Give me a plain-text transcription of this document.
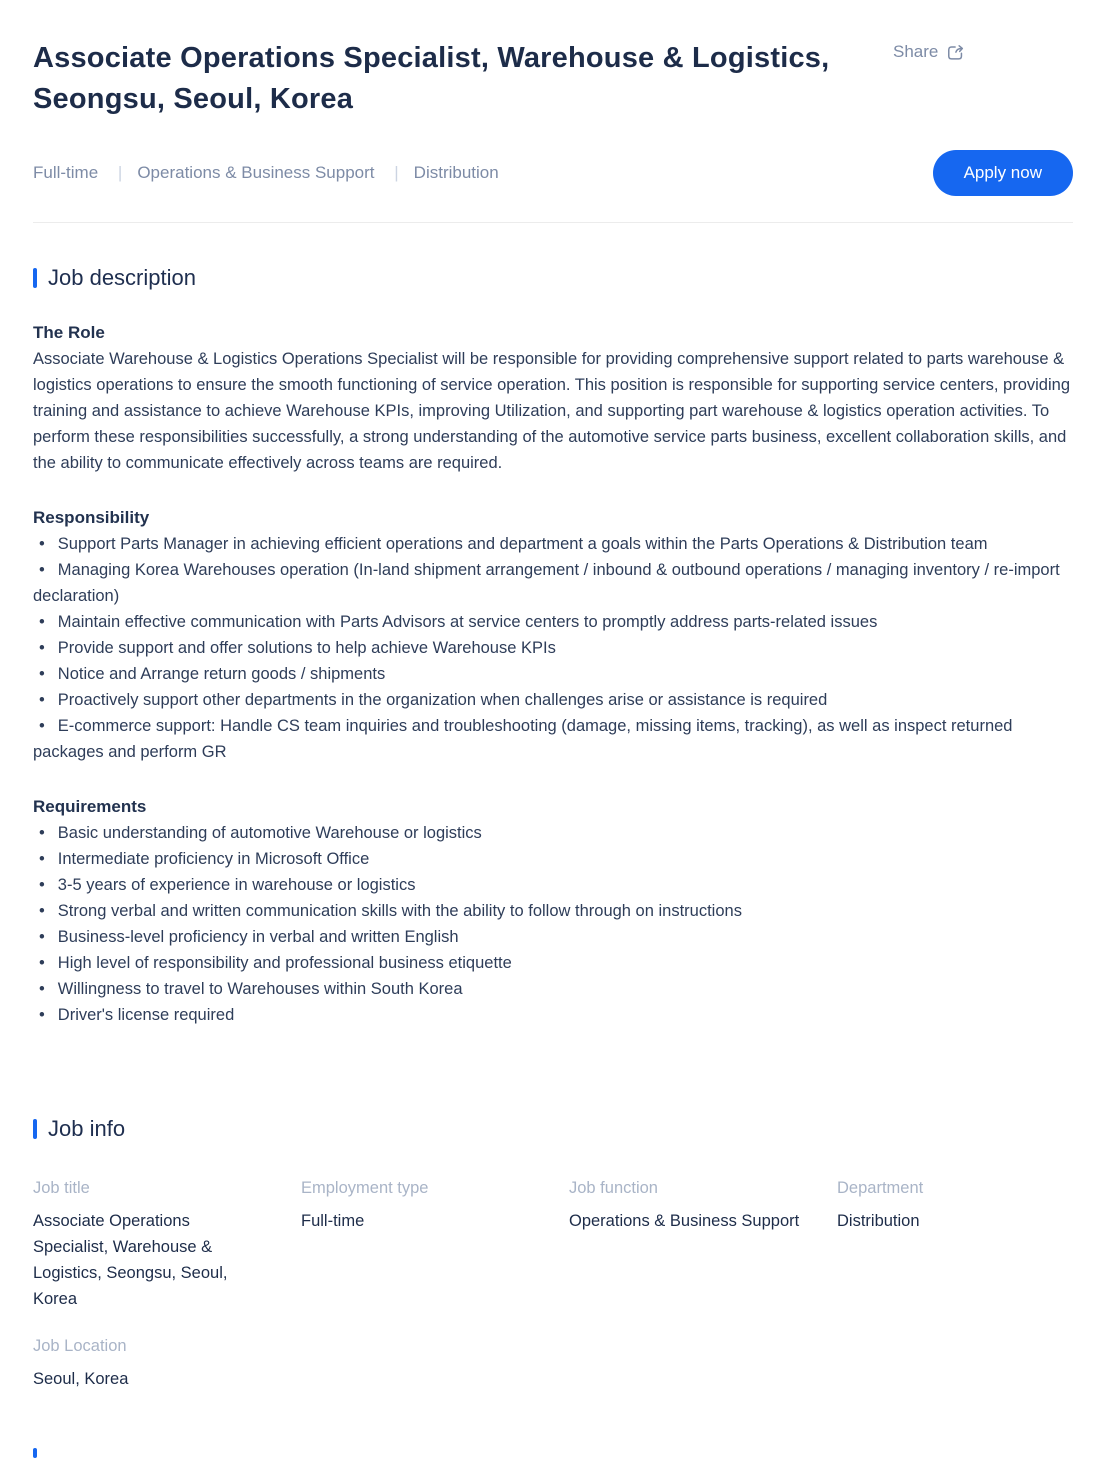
Associate Operations Specialist, Warehouse & Logistics, Seongsu, Seoul, Korea
Share
Full-time | Operations & Business Support | Distribution	Apply now
Job description
The Role

Associate Warehouse & Logistics Operations Specialist will be responsible for providing comprehensive support related to parts warehouse & logistics operations to ensure the smooth functioning of service operation. This position is responsible for supporting service centers, providing training and assistance to achieve Warehouse KPIs, improving Utilization, and supporting part warehouse & logistics operation activities. To perform these responsibilities successfully, a strong understanding of the automotive service parts business, excellent collaboration skills, and the ability to communicate effectively across teams are required.

Responsibility
• Support Parts Manager in achieving efficient operations and department a goals within the Parts Operations & Distribution team
• Managing Korea Warehouses operation (In-land shipment arrangement / inbound & outbound operations / managing inventory / re-import declaration)
• Maintain effective communication with Parts Advisors at service centers to promptly address parts-related issues
• Provide support and offer solutions to help achieve Warehouse KPIs
• Notice and Arrange return goods / shipments
• Proactively support other departments in the organization when challenges arise or assistance is required
• E-commerce support: Handle CS team inquiries and troubleshooting (damage, missing items, tracking), as well as inspect returned packages and perform GR
Requirements
• Basic understanding of automotive Warehouse or logistics
• Intermediate proficiency in Microsoft Office
• 3-5 years of experience in warehouse or logistics
• Strong verbal and written communication skills with the ability to follow through on instructions
• Business-level proficiency in verbal and written English
• High level of responsibility and professional business etiquette
• Willingness to travel to Warehouses within South Korea
• Driver's license required
Job info
Job title
Associate Operations Specialist, Warehouse & Logistics, Seongsu, Seoul, Korea
Employment type
Full-time
Job function
Operations & Business Support
Department
Distribution
Job Location
Seoul, Korea
